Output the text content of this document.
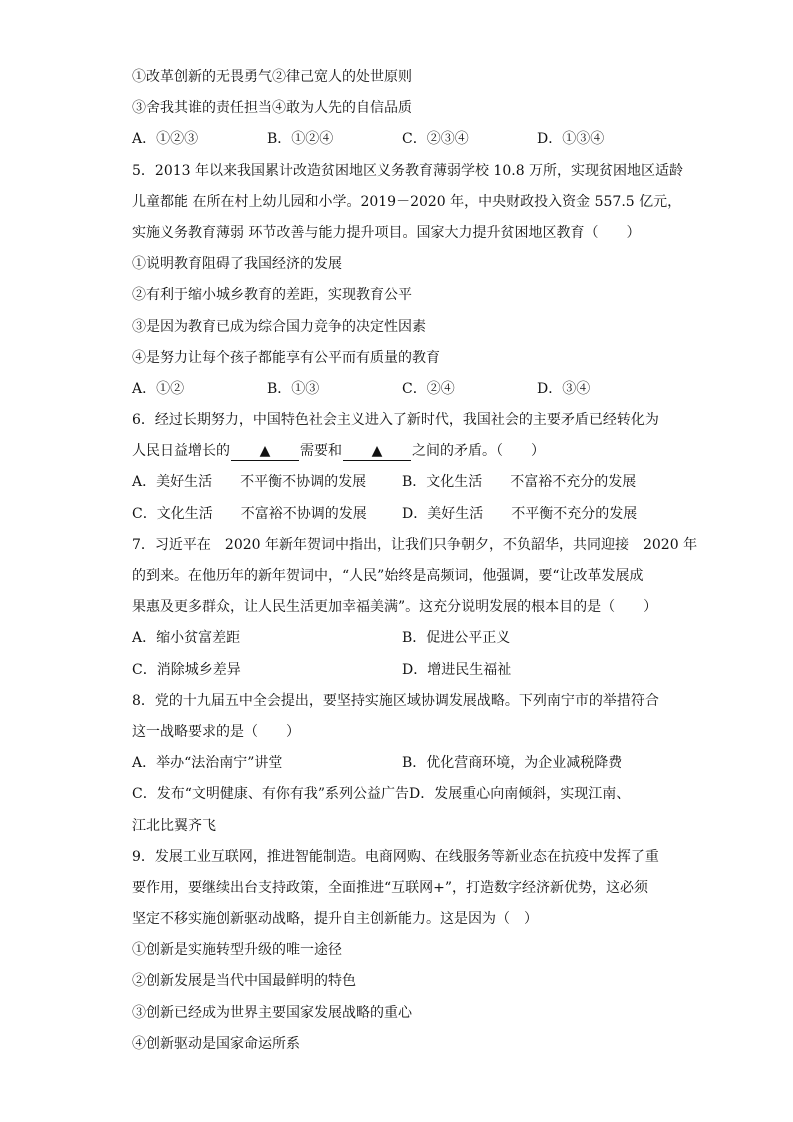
①改革创新的无畏勇气②律己宽人的处世原则
③舍我其谁的责任担当④敢为人先的自信品质
A．①②③	B．①②④	C．②③④	D．①③④
5．2013 年以来我国累计改造贫困地区义务教育薄弱学校 10.8 万所，实现贫困地区适龄
儿童都能 在所在村上幼儿园和小学。2019－2020 年，中央财政投入资金 557.5 亿元，
实施义务教育薄弱 环节改善与能力提升项目。国家大力提升贫困地区教育（　　）
①说明教育阻碍了我国经济的发展
②有利于缩小城乡教育的差距，实现教育公平
③是因为教育已成为综合国力竞争的决定性因素
④是努力让每个孩子都能享有公平而有质量的教育
A．①②	B．①③	C．②④	D．③④
6．经过长期努力，中国特色社会主义进入了新时代，我国社会的主要矛盾已经转化为
人民日益增长的 ▲ 需要和 ▲ 之间的矛盾。（　　）
A．美好生活　　不平衡不协调的发展	B．文化生活　　不富裕不充分的发展
C．文化生活　　不富裕不协调的发展	D．美好生活　　不平衡不充分的发展
7．习近平在　2020 年新年贺词中指出，让我们只争朝夕，不负韶华，共同迎接　2020 年
的到来。在他历年的新年贺词中，“人民”始终是高频词，他强调，要“让改革发展成
果惠及更多群众，让人民生活更加幸福美满”。这充分说明发展的根本目的是（　　）
A．缩小贫富差距	B．促进公平正义
C．消除城乡差异	D．增进民生福祉
8．党的十九届五中全会提出，要坚持实施区域协调发展战略。下列南宁市的举措符合
这一战略要求的是（　　）
A．举办“法治南宁”讲堂	B．优化营商环境，为企业减税降费
C．发布“文明健康、有你有我”系列公益广告 D．发展重心向南倾斜，实现江南、
江北比翼齐飞
9．发展工业互联网，推进智能制造。电商网购、在线服务等新业态在抗疫中发挥了重
要作用，要继续出台支持政策，全面推进“互联网+”，打造数字经济新优势，这必须
坚定不移实施创新驱动战略，提升自主创新能力。这是因为（　）
①创新是实施转型升级的唯一途径
②创新发展是当代中国最鲜明的特色
③创新已经成为世界主要国家发展战略的重心
④创新驱动是国家命运所系
